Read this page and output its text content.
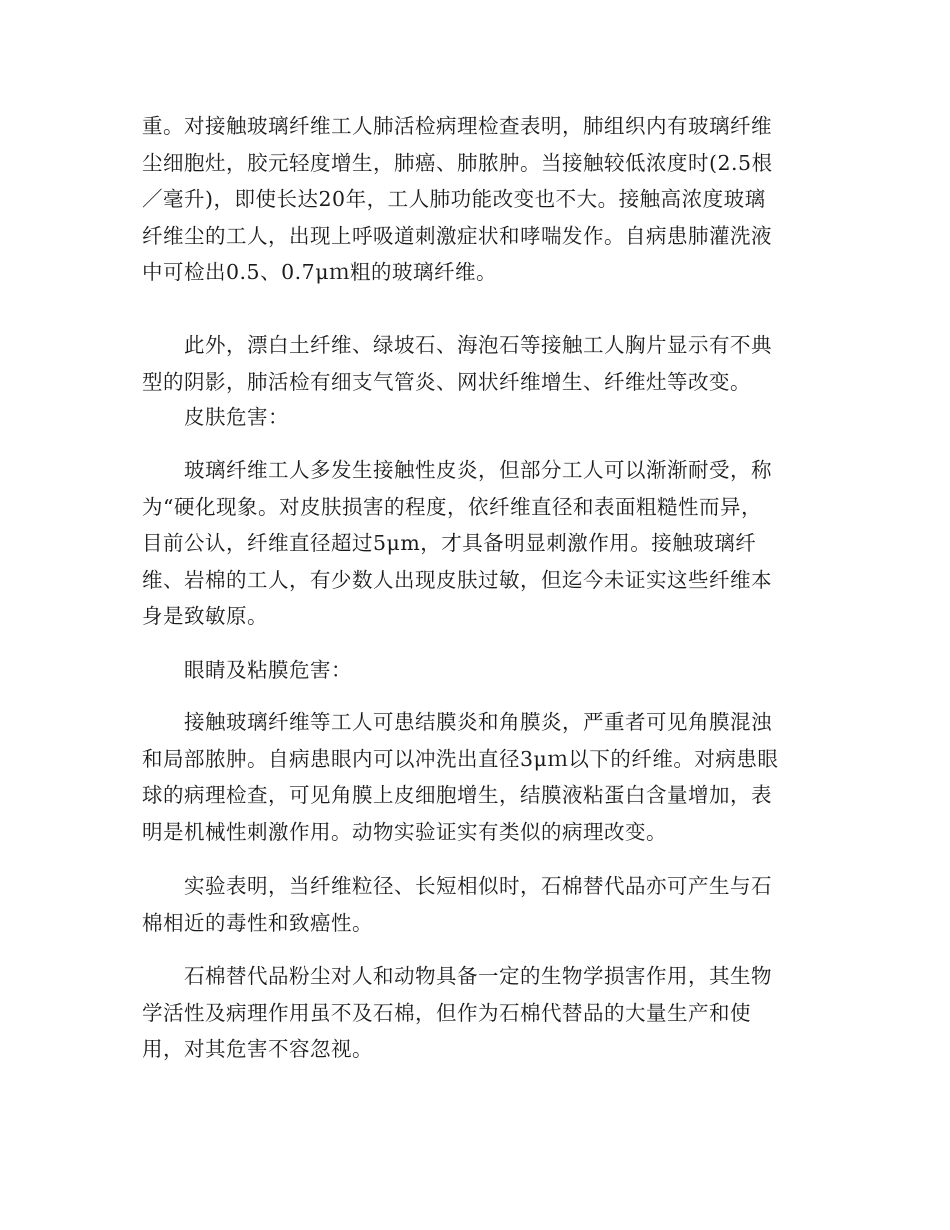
重。对接触玻璃纤维工人肺活检病理检查表明，肺组织内有玻璃纤维
尘细胞灶，胶元轻度增生，肺癌、肺脓肿。当接触较低浓度时(2.5根
／毫升)，即使长达20年，工人肺功能改变也不大。接触高浓度玻璃
纤维尘的工人，出现上呼吸道刺激症状和哮喘发作。自病患肺灌洗液
中可检出0.5、0.7μｍ粗的玻璃纤维。

　　此外，漂白土纤维、绿坡石、海泡石等接触工人胸片显示有不典
型的阴影，肺活检有细支气管炎、网状纤维增生、纤维灶等改变。

　　皮肤危害：

　　玻璃纤维工人多发生接触性皮炎，但部分工人可以渐渐耐受，称
为“硬化现象。对皮肤损害的程度，依纤维直径和表面粗糙性而异，
目前公认，纤维直径超过5μm，才具备明显刺激作用。接触玻璃纤
维、岩棉的工人，有少数人出现皮肤过敏，但迄今未证实这些纤维本
身是致敏原。

　　眼睛及粘膜危害：

　　接触玻璃纤维等工人可患结膜炎和角膜炎，严重者可见角膜混浊
和局部脓肿。自病患眼内可以冲洗出直径3μｍ以下的纤维。对病患眼
球的病理检查，可见角膜上皮细胞增生，结膜液粘蛋白含量增加，表
明是机械性刺激作用。动物实验证实有类似的病理改变。

　　实验表明，当纤维粒径、长短相似时，石棉替代品亦可产生与石
棉相近的毒性和致癌性。

　　石棉替代品粉尘对人和动物具备一定的生物学损害作用，其生物
学活性及病理作用虽不及石棉，但作为石棉代替品的大量生产和使
用，对其危害不容忽视。
